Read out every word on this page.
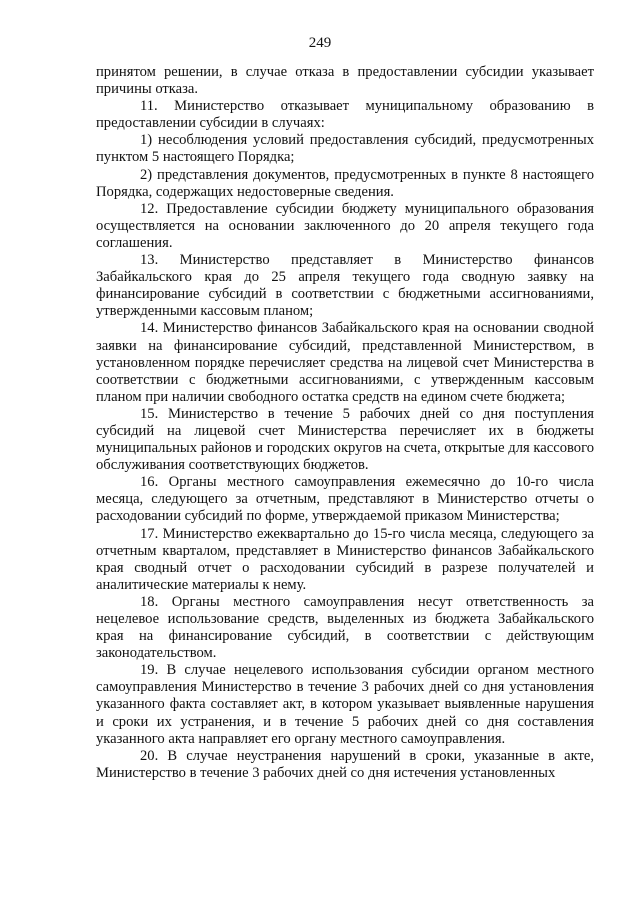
249

принятом решении, в случае отказа в предоставлении субсидии указывает причины отказа.

11. Министерство отказывает муниципальному образованию в предоставлении субсидии в случаях:

1) несоблюдения условий предоставления субсидий, предусмотренных пунктом 5 настоящего Порядка;

2) представления документов, предусмотренных в пункте 8 настоящего Порядка, содержащих недостоверные сведения.

12. Предоставление субсидии бюджету муниципального образования осуществляется на основании заключенного до 20 апреля текущего года соглашения.

13. Министерство представляет в Министерство финансов Забайкальского края до 25 апреля текущего года сводную заявку на финансирование субсидий в соответствии с бюджетными ассигнованиями, утвержденными кассовым планом;

14. Министерство финансов Забайкальского края на основании сводной заявки на финансирование субсидий, представленной Министерством, в установленном порядке перечисляет средства на лицевой счет Министерства в соответствии с бюджетными ассигнованиями, с утвержденным кассовым планом при наличии свободного остатка средств на едином счете бюджета;

15. Министерство в течение 5 рабочих дней со дня поступления субсидий на лицевой счет Министерства перечисляет их в бюджеты муниципальных районов и городских округов на счета, открытые для кассового обслуживания соответствующих бюджетов.

16. Органы местного самоуправления ежемесячно до 10-го числа месяца, следующего за отчетным, представляют в Министерство отчеты о расходовании субсидий по форме, утверждаемой приказом Министерства;

17. Министерство ежеквартально до 15-го числа месяца, следующего за отчетным кварталом, представляет в Министерство финансов Забайкальского края сводный отчет о расходовании субсидий в разрезе получателей и аналитические материалы к нему.

18. Органы местного самоуправления несут ответственность за нецелевое использование средств, выделенных из бюджета Забайкальского края на финансирование субсидий, в соответствии с действующим законодательством.

19. В случае нецелевого использования субсидии органом местного самоуправления Министерство в течение 3 рабочих дней со дня установления указанного факта составляет акт, в котором указывает выявленные нарушения и сроки их устранения, и в течение 5 рабочих дней со дня составления указанного акта направляет его органу местного самоуправления.

20. В случае неустранения нарушений в сроки, указанные в акте, Министерство в течение 3 рабочих дней со дня истечения установленных
